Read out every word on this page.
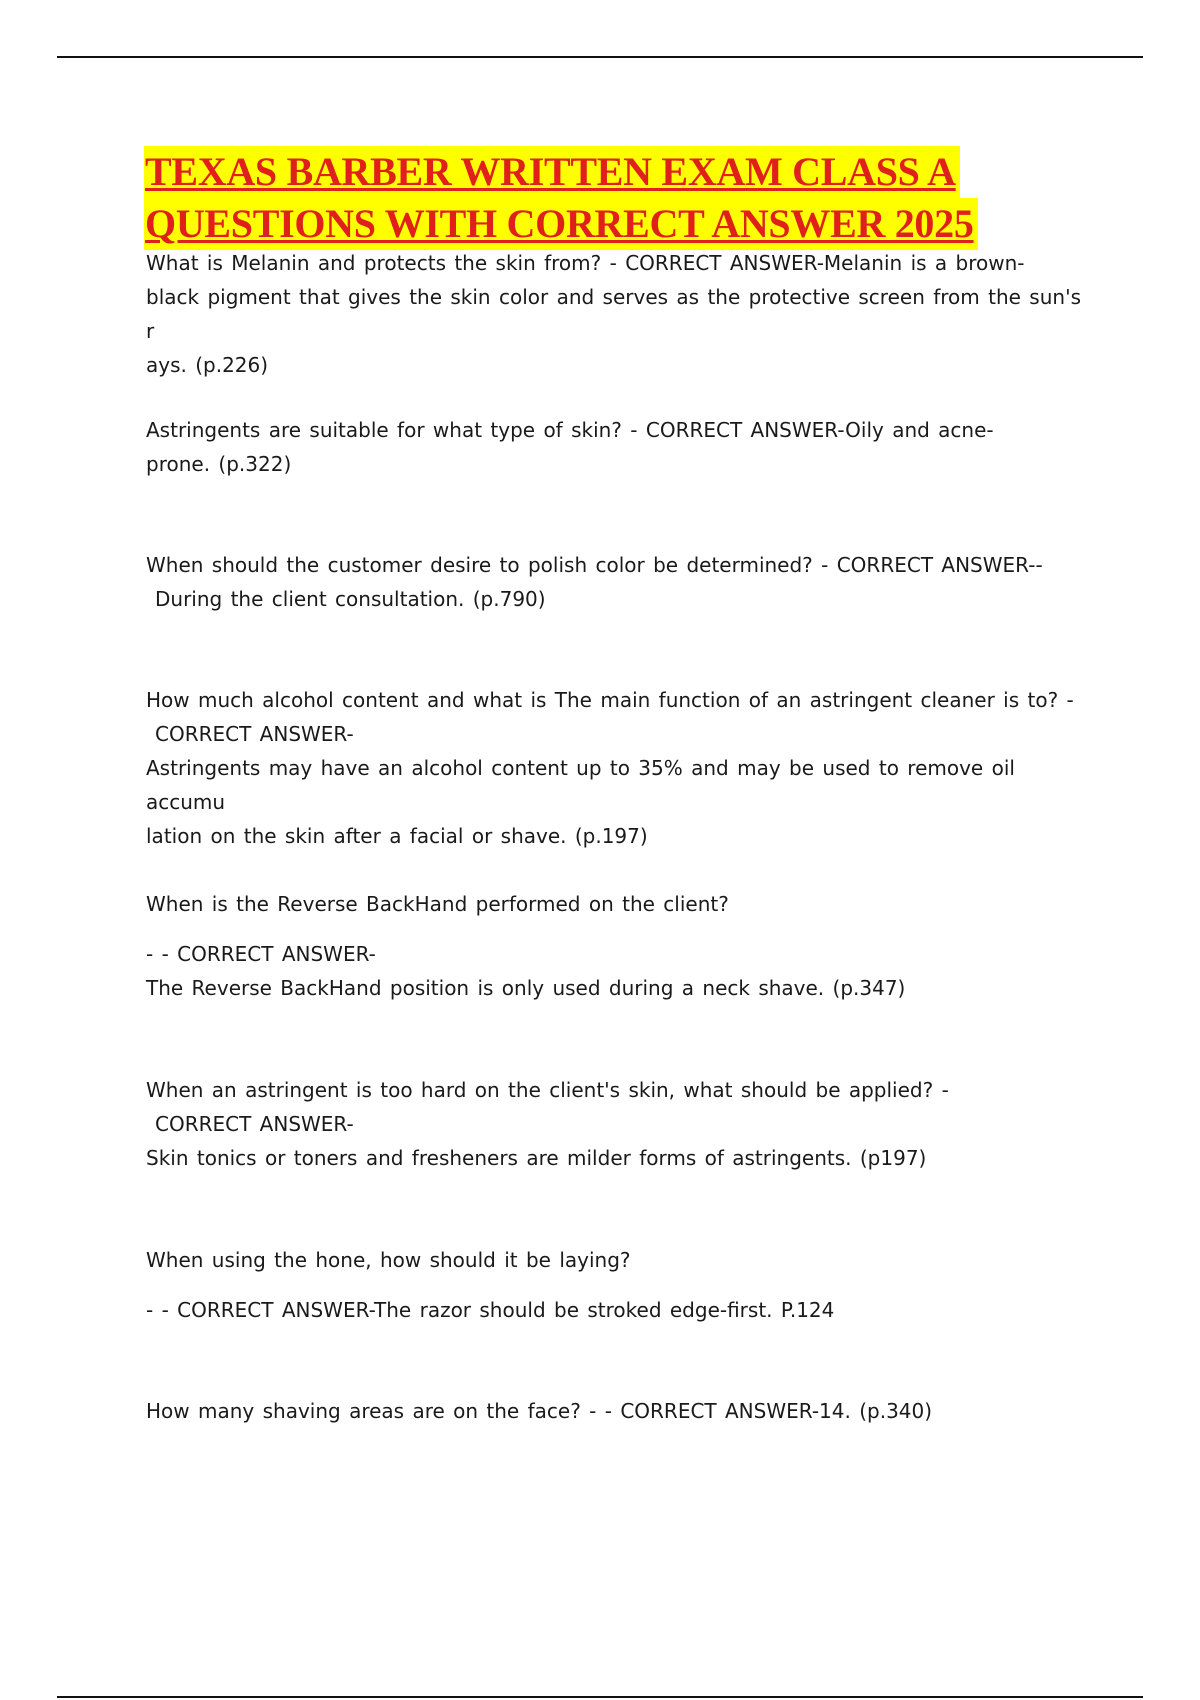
TEXAS BARBER WRITTEN EXAM CLASS A
QUESTIONS WITH CORRECT ANSWER 2025

What is Melanin and protects the skin from? - CORRECT ANSWER-Melanin is a brown-

black pigment that gives the skin color and serves as the protective screen from the sun's r

ays. (p.226)

Astringents are suitable for what type of skin? - CORRECT ANSWER-Oily and acne-

prone. (p.322)

When should the customer desire to polish color be determined? - CORRECT ANSWER--

During the client consultation. (p.790)

How much alcohol content and what is The main function of an astringent cleaner is to? -

CORRECT ANSWER-

Astringents may have an alcohol content up to 35% and may be used to remove oil accumu

lation on the skin after a facial or shave. (p.197)

When is the Reverse BackHand performed on the client?

- - CORRECT ANSWER-

The Reverse BackHand position is only used during a neck shave. (p.347)

When an astringent is too hard on the client's skin, what should be applied? -

CORRECT ANSWER-

Skin tonics or toners and fresheners are milder forms of astringents. (p197)

When using the hone, how should it be laying?

- - CORRECT ANSWER-The razor should be stroked edge-first. P.124

How many shaving areas are on the face? - - CORRECT ANSWER-14. (p.340)
